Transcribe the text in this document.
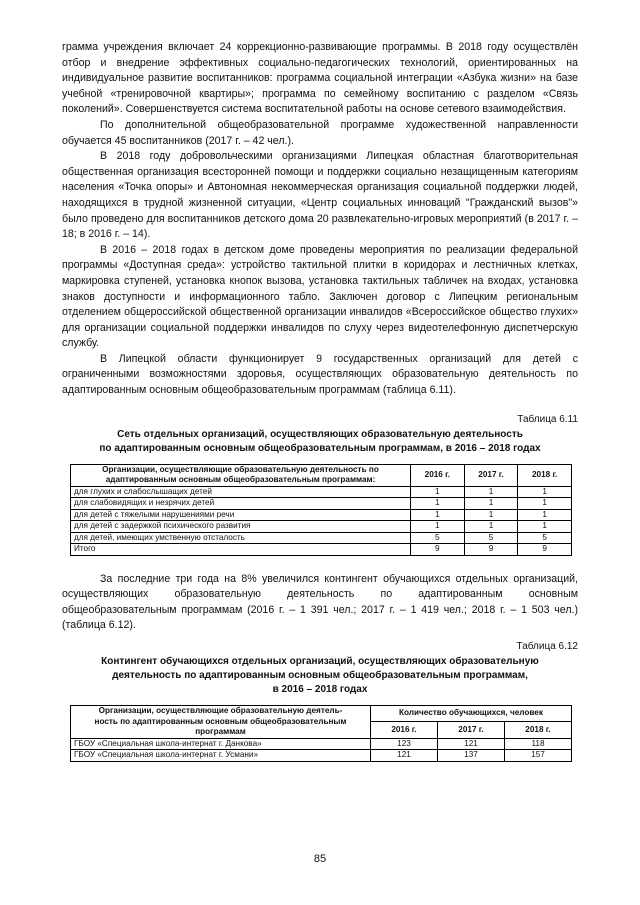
грамма учреждения включает 24 коррекционно-развивающие программы. В 2018 году осуществлён отбор и внедрение эффективных социально-педагогических технологий, ориентированных на индивидуальное развитие воспитанников: программа социальной интеграции «Азбука жизни» на базе учебной «тренировочной квартиры»; программа по семейному воспитанию с разделом «Связь поколений». Совершенствуется система воспитательной работы на основе сетевого взаимодействия.

По дополнительной общеобразовательной программе художественной направленности обучается 45 воспитанников (2017 г. – 42 чел.).

В 2018 году добровольческими организациями Липецкая областная благотворительная общественная организация всесторонней помощи и поддержки социально незащищенным категориям населения «Точка опоры» и Автономная некоммерческая организация социальной поддержки людей, находящихся в трудной жизненной ситуации, «Центр социальных инноваций "Гражданский вызов"» было проведено для воспитанников детского дома 20 развлекательно-игровых мероприятий (в 2017 г. – 18; в 2016 г. – 14).

В 2016 – 2018 годах в детском доме проведены мероприятия по реализации федеральной программы «Доступная среда»: устройство тактильной плитки в коридорах и лестничных клетках, маркировка ступеней, установка кнопок вызова, установка тактильных табличек на входах, установка знаков доступности и информационного табло. Заключен договор с Липецким региональным отделением общероссийской общественной организации инвалидов «Всероссийское общество глухих» для организации социальной поддержки инвалидов по слуху через видеотелефонную диспетчерскую службу.

В Липецкой области функционирует 9 государственных организаций для детей с ограниченными возможностями здоровья, осуществляющих образовательную деятельность по адаптированным основным общеобразовательным программам (таблица 6.11).

Таблица 6.11
Сеть отдельных организаций, осуществляющих образовательную деятельность
по адаптированным основным общеобразовательным программам, в 2016 – 2018 годах
Организации, осуществляющие образовательную деятельность по
адаптированным основным общеобразовательным программам:	2016 г.	2017 г.	2018 г.
для глухих и слабослышащих детей	1	1	1
для слабовидящих и незрячих детей	1	1	1
для детей с тяжелыми нарушениями речи	1	1	1
для детей с задержкой психического развития	1	1	1
для детей, имеющих умственную отсталость	5	5	5
Итого	9	9	9

За последние три года на 8% увеличился контингент обучающихся отдельных организаций, осуществляющих образовательную деятельность по адаптированным основным общеобразовательным программам (2016 г. – 1 391 чел.; 2017 г. – 1 419 чел.; 2018 г. – 1 503 чел.) (таблица 6.12).

Таблица 6.12
Контингент обучающихся отдельных организаций, осуществляющих образовательную
деятельность по адаптированным основным общеобразовательным программам,
в 2016 – 2018 годах
Организации, осуществляющие образовательную деятель-
ность по адаптированным основным общеобразовательным
программам	Количество обучающихся, человек		
	2016 г.	2017 г.	2018 г.
ГБОУ «Специальная школа-интернат г. Данкова»	123	121	118
ГБОУ «Специальная школа-интернат г. Усмани»	121	137	157
85
